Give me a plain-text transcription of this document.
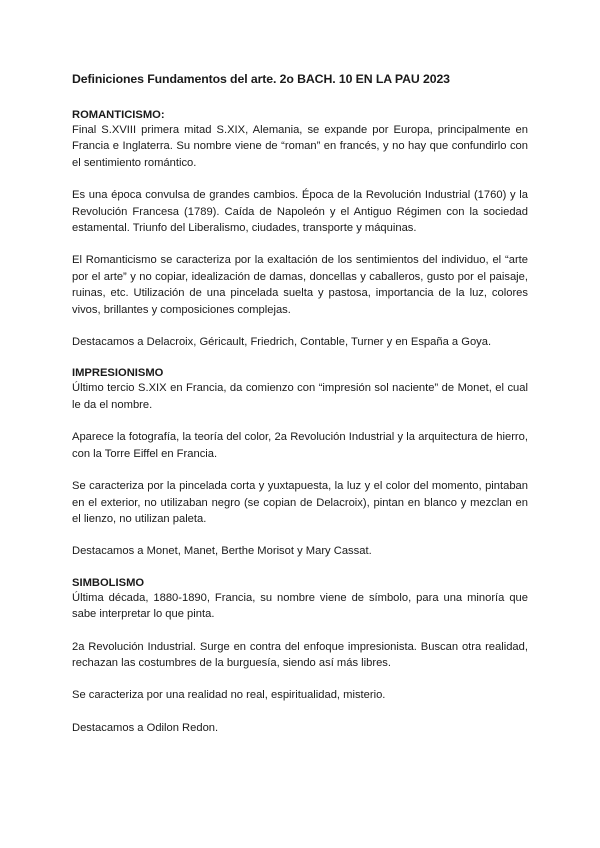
Definiciones Fundamentos del arte. 2o BACH. 10 EN LA PAU 2023
ROMANTICISMO:

Final S.XVIII primera mitad S.XIX, Alemania, se expande por Europa, principalmente en Francia e Inglaterra. Su nombre viene de “roman” en francés, y no hay que confundirlo con el sentimiento romántico.

Es una época convulsa de grandes cambios. Época de la Revolución Industrial (1760) y la Revolución Francesa (1789). Caída de Napoleón y el Antiguo Régimen con la sociedad estamental. Triunfo del Liberalismo, ciudades, transporte y máquinas.

El Romanticismo se caracteriza por la exaltación de los sentimientos del individuo, el “arte por el arte” y no copiar, idealización de damas, doncellas y caballeros, gusto por el paisaje, ruinas, etc. Utilización de una pincelada suelta y pastosa, importancia de la luz, colores vivos, brillantes y composiciones complejas.

Destacamos a Delacroix, Géricault, Friedrich, Contable, Turner y en España a Goya.

IMPRESIONISMO

Último tercio S.XIX en Francia, da comienzo con “impresión sol naciente” de Monet, el cual le da el nombre.

Aparece la fotografía, la teoría del color, 2a Revolución Industrial y la arquitectura de hierro, con la Torre Eiffel en Francia.

Se caracteriza por la pincelada corta y yuxtapuesta, la luz y el color del momento, pintaban en el exterior, no utilizaban negro (se copian de Delacroix), pintan en blanco y mezclan en el lienzo, no utilizan paleta.

Destacamos a Monet, Manet, Berthe Morisot y Mary Cassat.

SIMBOLISMO

Última década, 1880-1890, Francia, su nombre viene de símbolo, para una minoría que sabe interpretar lo que pinta.

2a Revolución Industrial. Surge en contra del enfoque impresionista. Buscan otra realidad, rechazan las costumbres de la burguesía, siendo así más libres.

Se caracteriza por una realidad no real, espiritualidad, misterio.

Destacamos a Odilon Redon.
